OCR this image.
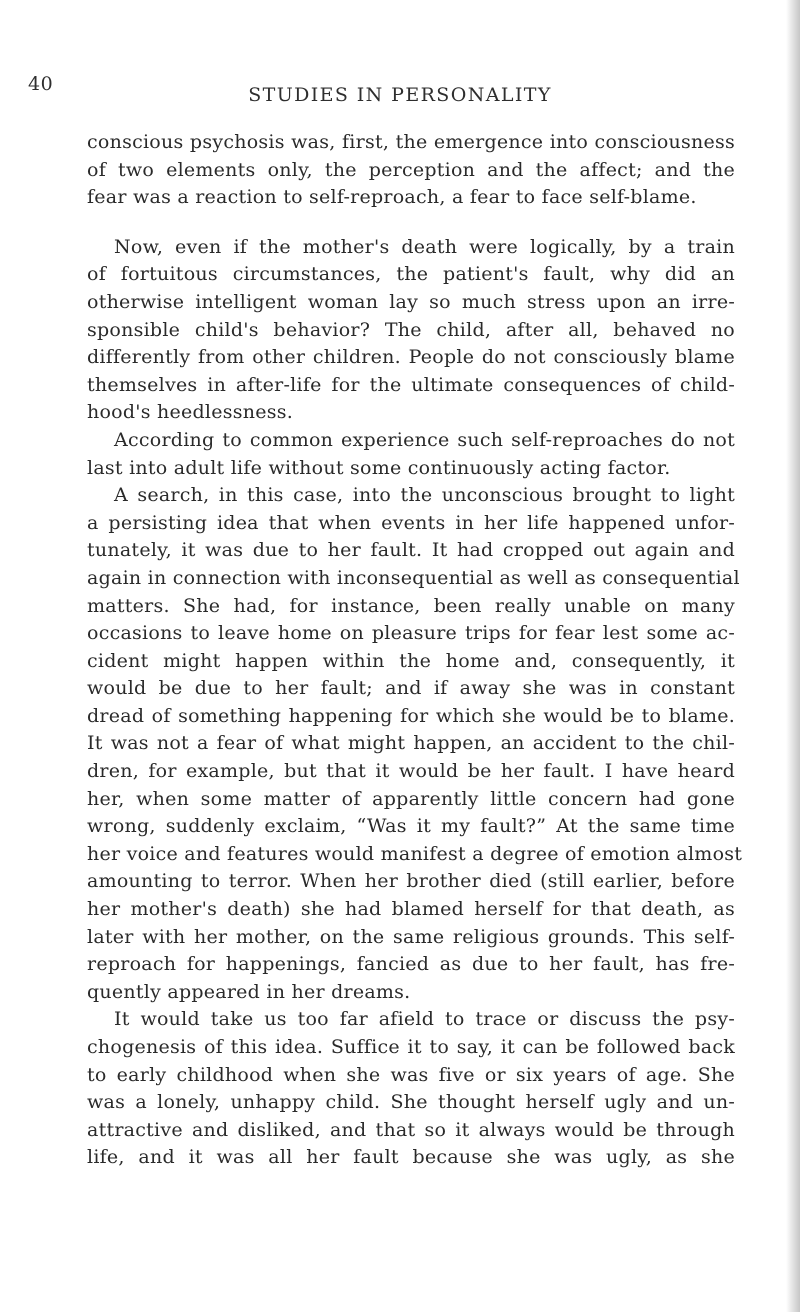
40	STUDIES IN PERSONALITY
conscious psychosis was, first, the emergence into consciousness
of two elements only, the perception and the affect; and the
fear was a reaction to self-reproach, a fear to face self-blame.
Now, even if the mother's death were logically, by a train
of fortuitous circumstances, the patient's fault, why did an
otherwise intelligent woman lay so much stress upon an irre-
sponsible child's behavior? The child, after all, behaved no
differently from other children. People do not consciously blame
themselves in after-life for the ultimate consequences of child-
hood's heedlessness.
According to common experience such self-reproaches do not
last into adult life without some continuously acting factor.
A search, in this case, into the unconscious brought to light
a persisting idea that when events in her life happened unfor-
tunately, it was due to her fault. It had cropped out again and
again in connection with inconsequential as well as consequential
matters. She had, for instance, been really unable on many
occasions to leave home on pleasure trips for fear lest some ac-
cident might happen within the home and, consequently, it
would be due to her fault; and if away she was in constant
dread of something happening for which she would be to blame.
It was not a fear of what might happen, an accident to the chil-
dren, for example, but that it would be her fault. I have heard
her, when some matter of apparently little concern had gone
wrong, suddenly exclaim, “Was it my fault?” At the same time
her voice and features would manifest a degree of emotion almost
amounting to terror. When her brother died (still earlier, before
her mother's death) she had blamed herself for that death, as
later with her mother, on the same religious grounds. This self-
reproach for happenings, fancied as due to her fault, has fre-
quently appeared in her dreams.
It would take us too far afield to trace or discuss the psy-
chogenesis of this idea. Suffice it to say, it can be followed back
to early childhood when she was five or six years of age. She
was a lonely, unhappy child. She thought herself ugly and un-
attractive and disliked, and that so it always would be through
life, and it was all her fault because she was ugly, as she
